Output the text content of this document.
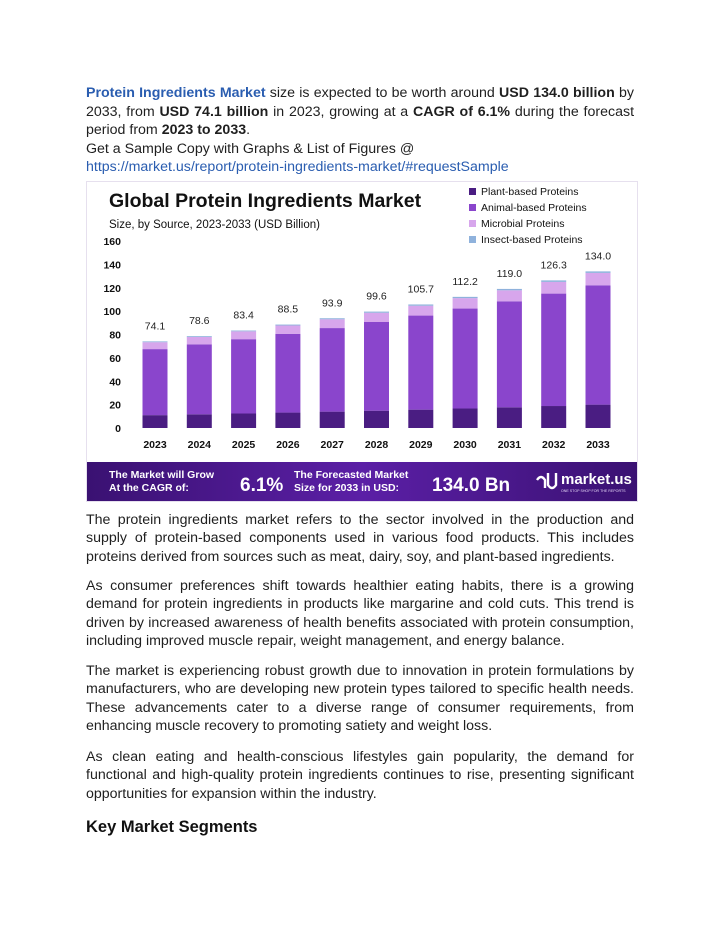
Protein Ingredients Market size is expected to be worth around USD 134.0 billion by 2033, from USD 74.1 billion in 2023, growing at a CAGR of 6.1% during the forecast period from 2023 to 2033.
Get a Sample Copy with Graphs & List of Figures @
https://market.us/report/protein-ingredients-market/#requestSample
Global Protein Ingredients Market
Size, by Source, 2023-2033 (USD Billion)
Plant-based Proteins
Animal-based Proteins
Microbial Proteins
Insect-based Proteins
160
140
120
100
80
60
40
20
0
2023 2024 2025 2026 2027 2028 2029 2030 2031 2032 2033
74.1 78.6 83.4 88.5
93.9
99.6
105.7
112.2
119.0
126.3
134.0
The Market will Grow
At the CAGR of:	6.1% The Forecasted Market
Size for 2033 in USD: 134.0 Bn	market.us
ONE STOP SHOP FOR THE REPORTS

The protein ingredients market refers to the sector involved in the production and supply of protein-based components used in various food products. This includes proteins derived from sources such as meat, dairy, soy, and plant-based ingredients.

As consumer preferences shift towards healthier eating habits, there is a growing demand for protein ingredients in products like margarine and cold cuts. This trend is driven by increased awareness of health benefits associated with protein consumption, including improved muscle repair, weight management, and energy balance.

The market is experiencing robust growth due to innovation in protein formulations by manufacturers, who are developing new protein types tailored to specific health needs. These advancements cater to a diverse range of consumer requirements, from enhancing muscle recovery to promoting satiety and weight loss.

As clean eating and health-conscious lifestyles gain popularity, the demand for functional and high-quality protein ingredients continues to rise, presenting significant opportunities for expansion within the industry.

Key Market Segments
